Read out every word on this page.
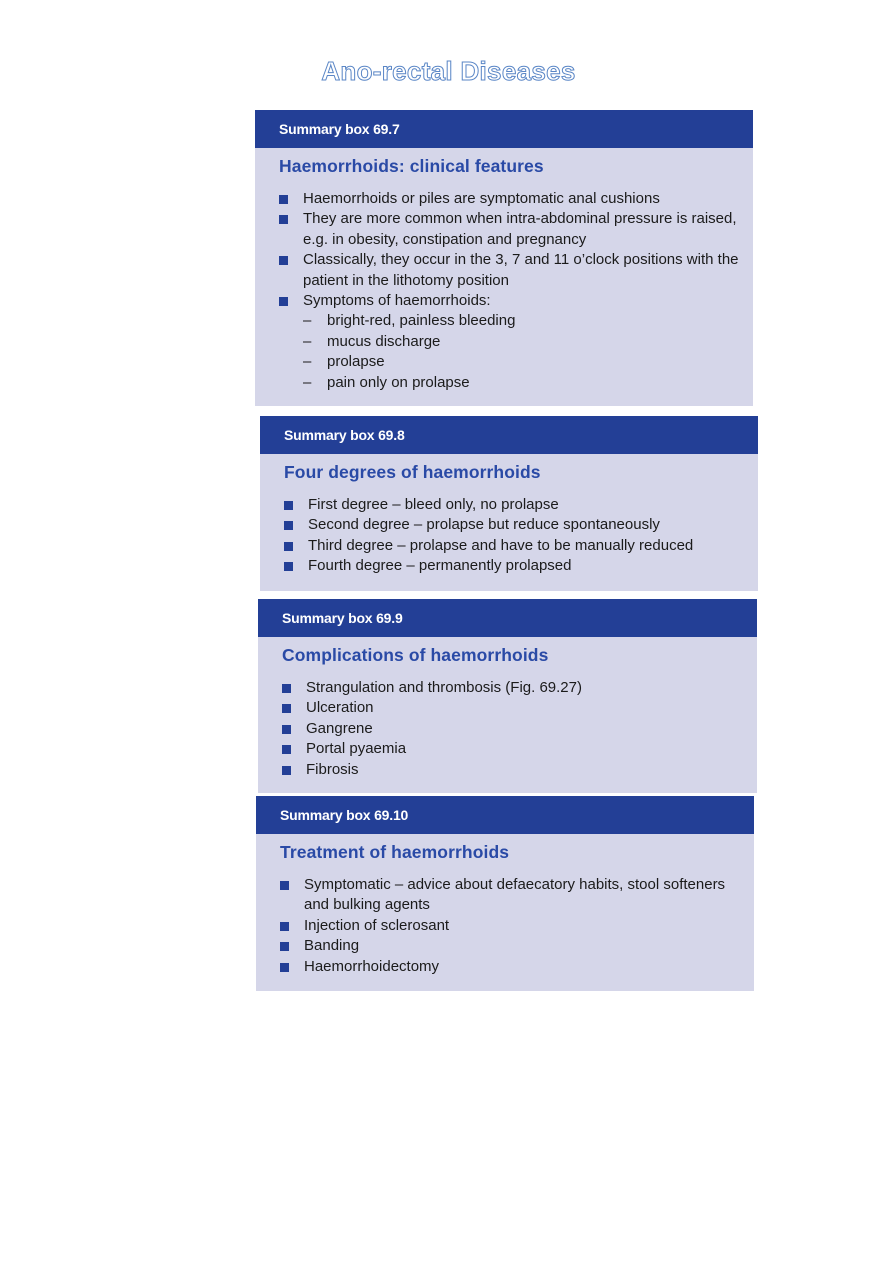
Ano-rectal Diseases
Summary box 69.7
Haemorrhoids: clinical features
Haemorrhoids or piles are symptomatic anal cushions
They are more common when intra-abdominal pressure is raised, e.g. in obesity, constipation and pregnancy
Classically, they occur in the 3, 7 and 11 o’clock positions with the patient in the lithotomy position
Symptoms of haemorrhoids:
– bright-red, painless bleeding
– mucus discharge
– prolapse
– pain only on prolapse
Summary box 69.8
Four degrees of haemorrhoids
First degree – bleed only, no prolapse
Second degree – prolapse but reduce spontaneously
Third degree – prolapse and have to be manually reduced
Fourth degree – permanently prolapsed
Summary box 69.9
Complications of haemorrhoids
Strangulation and thrombosis (Fig. 69.27)
Ulceration
Gangrene
Portal pyaemia
Fibrosis
Summary box 69.10
Treatment of haemorrhoids
Symptomatic – advice about defaecatory habits, stool softeners and bulking agents
Injection of sclerosant
Banding
Haemorrhoidectomy
